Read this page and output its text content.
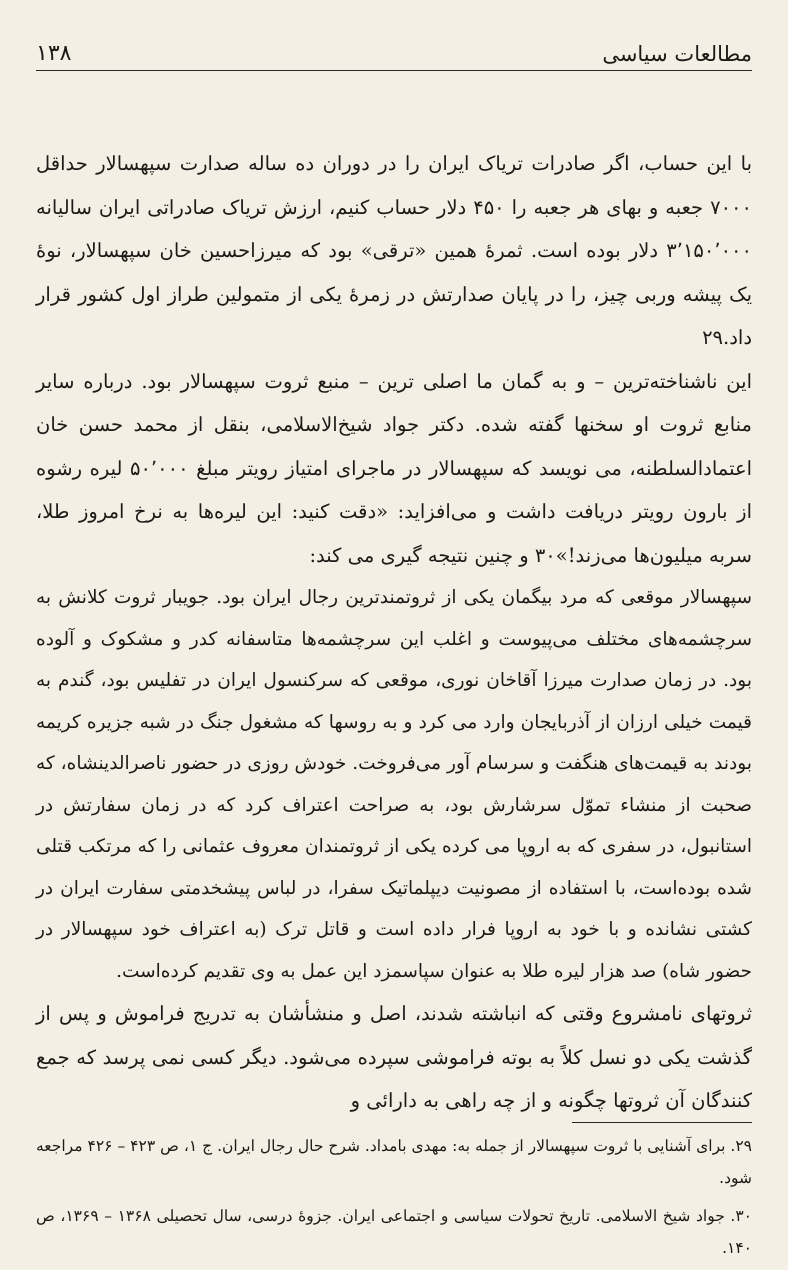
۱۳۸	مطالعات سیاسی

با این حساب، اگر صادرات تریاک ایران را در دوران ده ساله صدارت سپهسالار حداقل ۷۰۰۰ جعبه و بهای هر جعبه را ۴۵۰ دلار حساب کنیم، ارزش تریاک صادراتی ایران سالیانه ۳٬۱۵۰٬۰۰۰ دلار بوده است. ثمرهٔ همین «ترقی» بود که میرزاحسین خان سپهسالار، نوهٔ یک پیشه وربی چیز، را در پایان صدارتش در زمرهٔ یکی از متمولین طراز اول کشور قرار داد.۲۹

این ناشناخته‌ترین – و به گمان ما اصلی ترین – منبع ثروت سپهسالار بود. درباره سایر منابع ثروت او سخنها گفته شده. دکتر جواد شیخ‌الاسلامی، بنقل از محمد حسن خان اعتمادالسلطنه، می نویسد که سپهسالار در ماجرای امتیاز رویتر مبلغ ۵۰٬۰۰۰ لیره رشوه از بارون رویتر دریافت داشت و می‌افزاید: «دقت کنید: این لیره‌ها به نرخ امروز طلا، سربه میلیون‌ها می‌زند!»۳۰ و چنین نتیجه گیری می کند:

سپهسالار موقعی که مرد بیگمان یکی از ثروتمندترین رجال ایران بود. جویبار ثروت کلانش به سرچشمه‌های مختلف می‌پیوست و اغلب این سرچشمه‌ها متاسفانه کدر و مشکوک و آلوده بود. در زمان صدارت میرزا آقاخان نوری، موقعی که سرکنسول ایران در تفلیس بود، گندم به قیمت خیلی ارزان از آذربایجان وارد می کرد و به روسها که مشغول جنگ در شبه جزیره کریمه بودند به قیمت‌های هنگفت و سرسام آور می‌فروخت. خودش روزی در حضور ناصرالدینشاه، که صحبت از منشاء تموّل سرشارش بود، به صراحت اعتراف کرد که در زمان سفارتش در استانبول، در سفری که به اروپا می کرده یکی از ثروتمندان معروف عثمانی را که مرتکب قتلی شده بوده‌است، با استفاده از مصونیت دیپلماتیک سفرا، در لباس پیشخدمتی سفارت ایران در کشتی نشانده و با خود به اروپا فرار داده است و قاتل ترک (به اعتراف خود سپهسالار در حضور شاه) صد هزار لیره طلا به عنوان سپاسمزد این عمل به وی تقدیم کرده‌است.

ثروتهای نامشروع وقتی که انباشته شدند، اصل و منشأشان به تدریج فراموش و پس از گذشت یکی دو نسل کلاً به بوته فراموشی سپرده می‌شود. دیگر کسی نمی پرسد که جمع کنندگان آن ثروتها چگونه و از چه راهی به دارائی و

۲۹. برای آشنایی با ثروت سپهسالار از جمله به: مهدی بامداد. شرح حال رجال ایران. ج ۱، ص ۴۲۳ – ۴۲۶ مراجعه شود.

۳۰. جواد شیخ الاسلامی. تاریخ تحولات سیاسی و اجتماعی ایران. جزوهٔ درسی، سال تحصیلی ۱۳۶۸ – ۱۳۶۹، ص ۱۴۰.
